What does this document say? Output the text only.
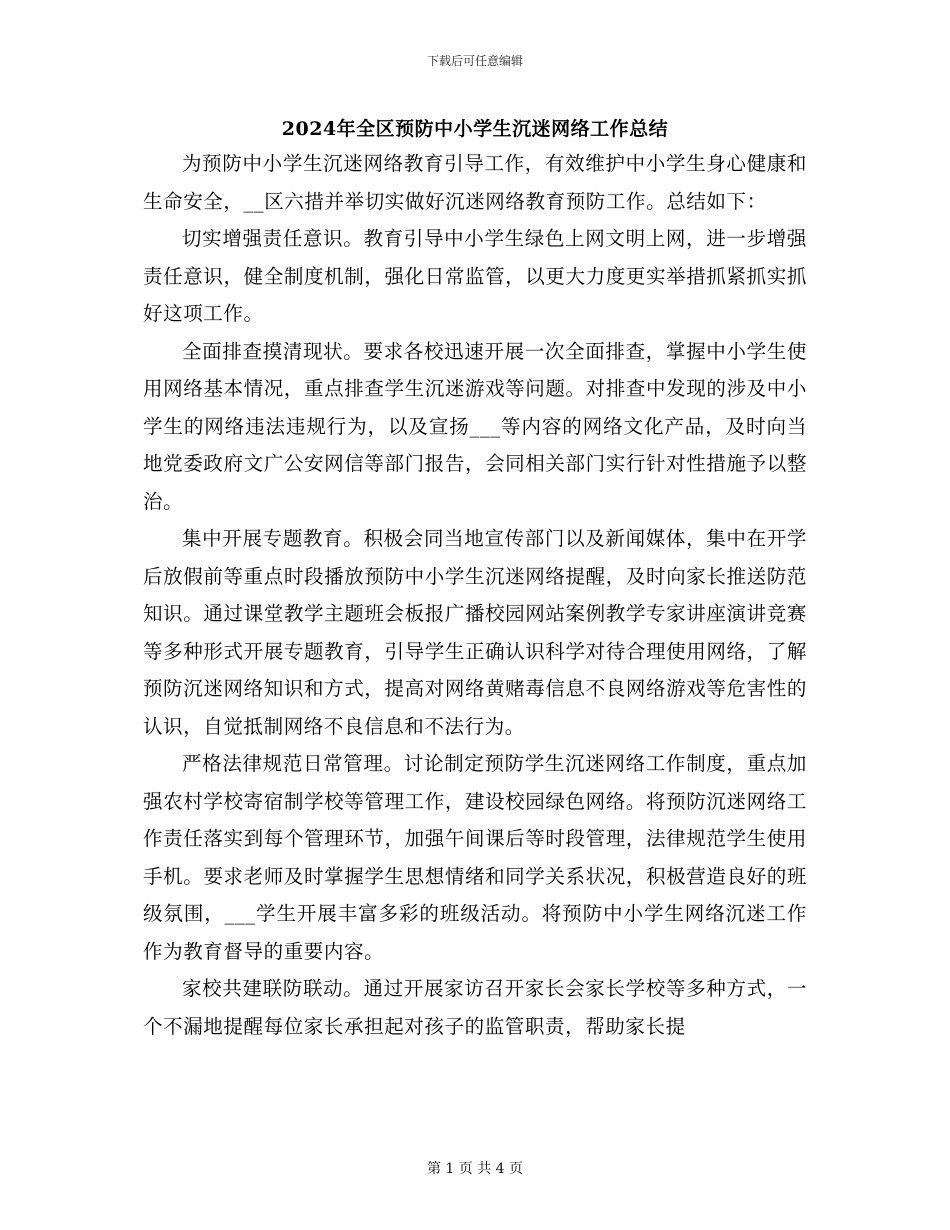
下载后可任意编辑
2024年全区预防中小学生沉迷网络工作总结

为预防中小学生沉迷网络教育引导工作，有效维护中小学生身心健康和生命安全，__区六措并举切实做好沉迷网络教育预防工作。总结如下：

切实增强责任意识。教育引导中小学生绿色上网文明上网，进一步增强责任意识，健全制度机制，强化日常监管，以更大力度更实举措抓紧抓实抓好这项工作。

全面排查摸清现状。要求各校迅速开展一次全面排查，掌握中小学生使用网络基本情况，重点排查学生沉迷游戏等问题。对排查中发现的涉及中小学生的网络违法违规行为，以及宣扬___等内容的网络文化产品，及时向当地党委政府文广公安网信等部门报告，会同相关部门实行针对性措施予以整治。

集中开展专题教育。积极会同当地宣传部门以及新闻媒体，集中在开学后放假前等重点时段播放预防中小学生沉迷网络提醒，及时向家长推送防范知识。通过课堂教学主题班会板报广播校园网站案例教学专家讲座演讲竞赛等多种形式开展专题教育，引导学生正确认识科学对待合理使用网络，了解预防沉迷网络知识和方式，提高对网络黄赌毒信息不良网络游戏等危害性的认识，自觉抵制网络不良信息和不法行为。

严格法律规范日常管理。讨论制定预防学生沉迷网络工作制度，重点加强农村学校寄宿制学校等管理工作，建设校园绿色网络。将预防沉迷网络工作责任落实到每个管理环节，加强午间课后等时段管理，法律规范学生使用手机。要求老师及时掌握学生思想情绪和同学关系状况，积极营造良好的班级氛围，___学生开展丰富多彩的班级活动。将预防中小学生网络沉迷工作作为教育督导的重要内容。

家校共建联防联动。通过开展家访召开家长会家长学校等多种方式，一个不漏地提醒每位家长承担起对孩子的监管职责，帮助家长提

第 1 页 共 4 页
